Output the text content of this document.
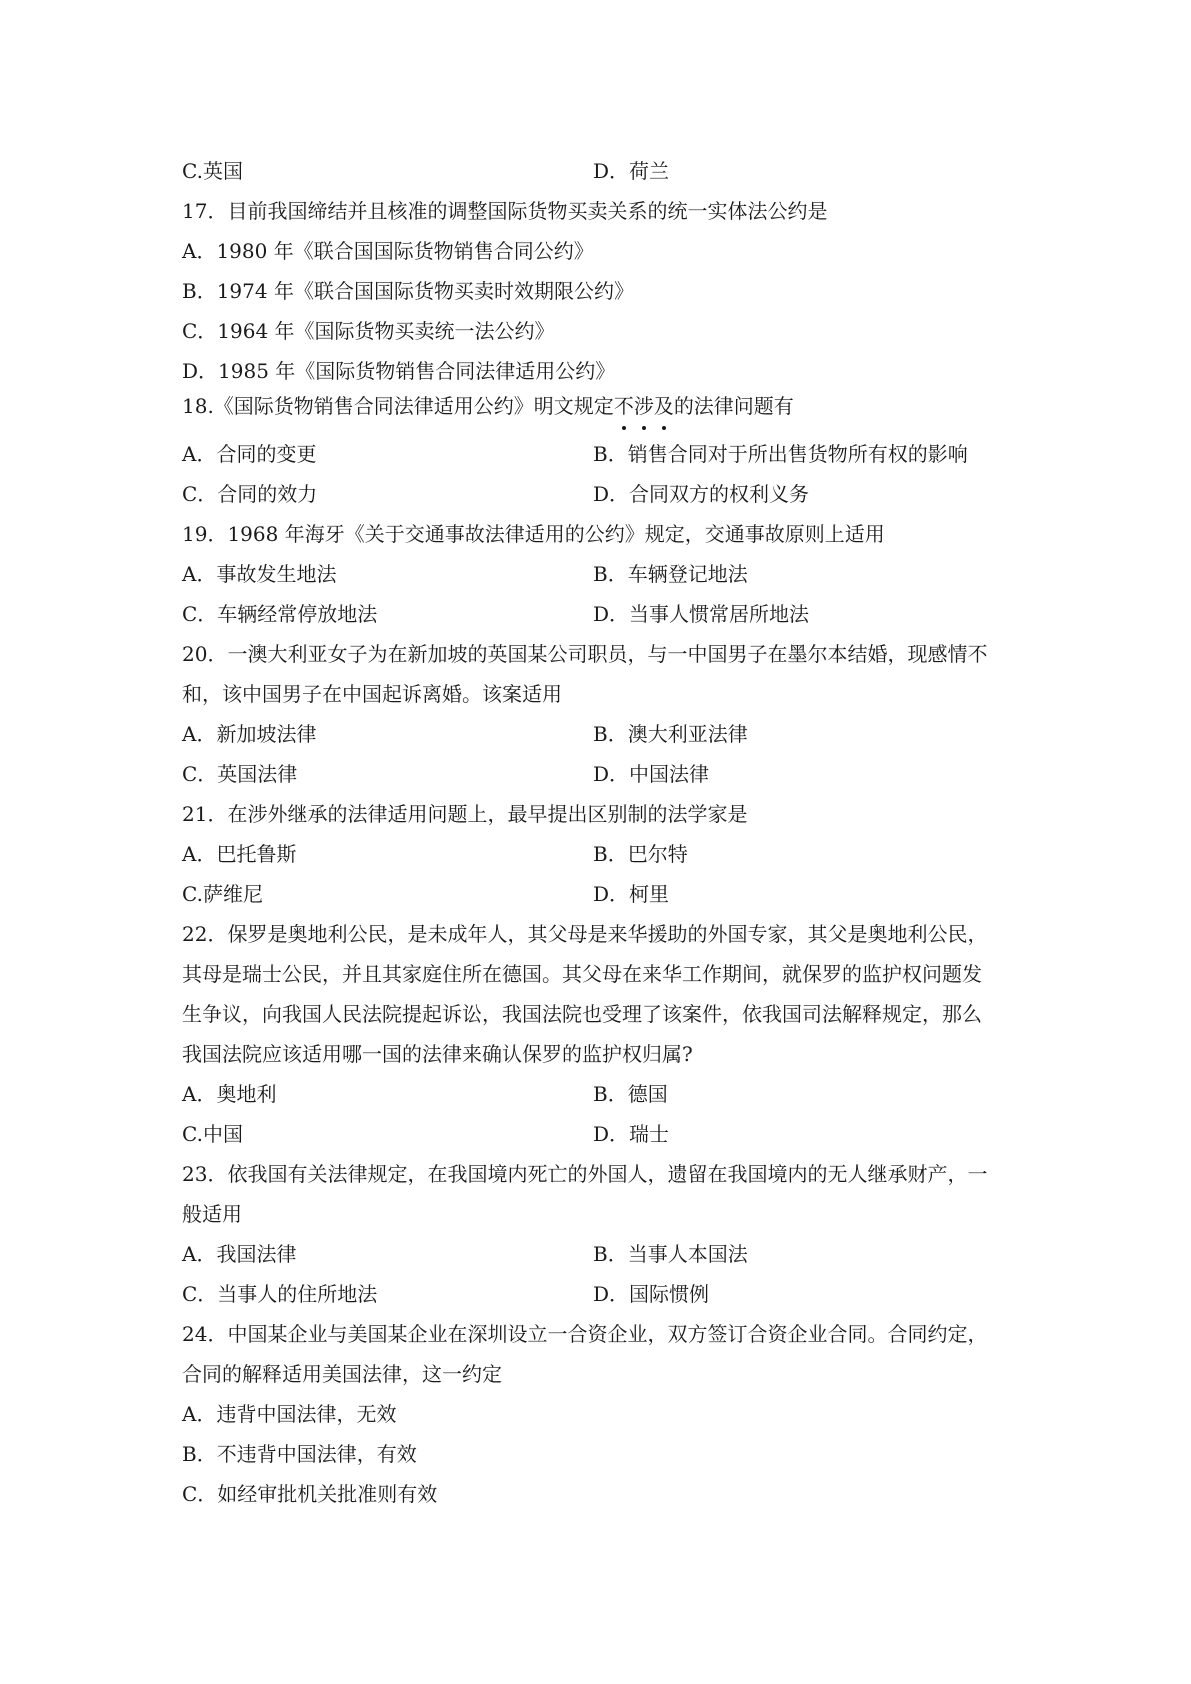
C.英国	D．荷兰
17．目前我国缔结并且核准的调整国际货物买卖关系的统一实体法公约是
A．1980 年《联合国国际货物销售合同公约》
B．1974 年《联合国国际货物买卖时效期限公约》
C．1964 年《国际货物买卖统一法公约》
D．1985 年《国际货物销售合同法律适用公约》
18.《国际货物销售合同法律适用公约》明文规定不涉及的法律问题有
A．合同的变更	B．销售合同对于所出售货物所有权的影响
C．合同的效力	D．合同双方的权利义务
19．1968 年海牙《关于交通事故法律适用的公约》规定，交通事故原则上适用
A．事故发生地法	B．车辆登记地法
C．车辆经常停放地法	D．当事人惯常居所地法
20．一澳大利亚女子为在新加坡的英国某公司职员，与一中国男子在墨尔本结婚，现感情不
和，该中国男子在中国起诉离婚。该案适用
A．新加坡法律	B．澳大利亚法律
C．英国法律	D．中国法律
21．在涉外继承的法律适用问题上，最早提出区别制的法学家是
A．巴托鲁斯	B．巴尔特
C.萨维尼	D．柯里
22．保罗是奥地利公民，是未成年人，其父母是来华援助的外国专家，其父是奥地利公民，
其母是瑞士公民，并且其家庭住所在德国。其父母在来华工作期间，就保罗的监护权问题发
生争议，向我国人民法院提起诉讼，我国法院也受理了该案件，依我国司法解释规定，那么
我国法院应该适用哪一国的法律来确认保罗的监护权归属?
A．奥地利	B．德国
C.中国	D．瑞士
23．依我国有关法律规定，在我国境内死亡的外国人，遗留在我国境内的无人继承财产，一
般适用
A．我国法律	B．当事人本国法
C．当事人的住所地法	D．国际惯例
24．中国某企业与美国某企业在深圳设立一合资企业，双方签订合资企业合同。合同约定，
合同的解释适用美国法律，这一约定
A．违背中国法律，无效
B．不违背中国法律，有效
C．如经审批机关批准则有效
